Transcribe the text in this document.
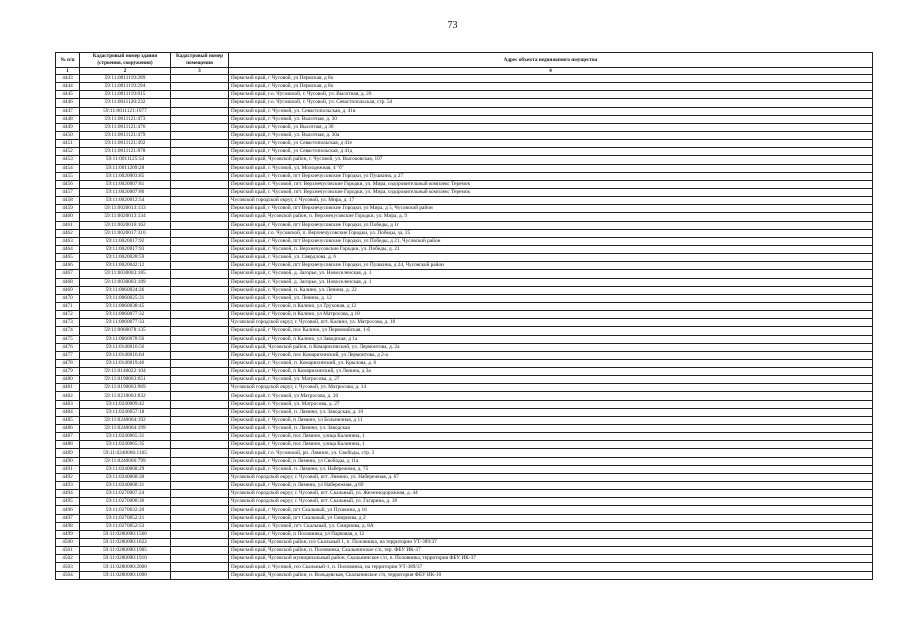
73
№ п/п	Кадастровый номер здания (строения, сооружения)	Кадастровый номер помещения	Адрес объекта недвижимого имущества
1	2	3	4
4443	59:11:0011119:289		Пермский край, г Чусовой, ул Пермская, д 8а
4444	59:11:0011119:294		Пермский край, г Чусовой, ул Пермская, д 8а
4445	59:11:0011119:815		Пермский край, г.о. Чусовской, г. Чусовой, ул. Высотная, д. 26
4446	59:11:0011120:232		Пермский край, г.о. Чусовской, г. Чусовой, ул. Севастопольская, стр. 54
4447	59:11:0011121:1077		Пермский край, г. Чусовой, ул. Севастопольская, д. 41в
4448	59:11:0011121:473		Пермский край, г. Чусовой, ул. Высотная, д. 30
4449	59:11:0011121:476		Пермский край, г Чусовой, ул Высотная, д 30
4450	59:11:0011121:479		Пермский край, г. Чусовой, ул. Высотная, д. 30а
4451	59:11:0011121:492		Пермский край, г Чусовой, ул Севастопольская, д 41е
4452	59:11:0011121:878		Пермский край, г Чусовой, ул Севастопольская, д 41д
4453	59:11:0011125:54		Пермский край, Чусовской район, г. Чусовой, ул. Высоковская, 107
4454	59:11:0011209:28		Пермский край, г. Чусовой, ул. Молодежная, 4 "б"
4455	59:11:0020003:85		Пермский край, г Чусовой, пгт Верхнечусовские Городки, ул Пушкина, д 27
4456	59:11:0020007:81		Пермский край, г. Чусовой, пгт. Верхнечусовские Городки, ул. Мира, оздоровительный комплекс Теремок
4457	59:11:0020007:86		Пермский край, г. Чусовой, пгт. Верхнечусовские Городки, ул. Мира, оздоровительный комплекс Теремок
4458	59:11:0020012:54		Чусовской городской округ, г. Чусовой, ул. Мира, д. 17
4459	59:11:0020013:133		Пермский край, г Чусовой, пгт Верхнечусовские Городки, ул Мира, д 5, Чусовской район
4460	59:11:0020013:134		Пермский край, Чусовской район, п. Верхнечусовские Городки, ул. Мира, д. 9
4461	59:11:0020016:162		Пермский край, г Чусовой, пгт Верхнечусовские Городки, ул Победы, д 1г
4462	59:11:0020017:310		Пермский край, г.о. Чусовской, п. Верхнечусовские Городки, ул. Победы, зд. 25
4463	59:11:0020017:92		Пермский край, г Чусовой, пгт Верхнечусовские Городки, ул Победы, д 21, Чусовской район
4464	59:11:0020017:93		Пермский край, г. Чусовой, п. Верхнечусовские Городки, ул. Победы, д. 21
4465	59:11:0020028:59		Пермский край, г. Чусовой, ул. Свердлова, д. 6
4466	59:11:0020042:12		Пермский край, г Чусовой, пгт Верхнечусовские Городки, ул Пушкина, д 24, Чусовской район
4467	59:11:0030003:185		Пермский край, г. Чусовой, д. Загорье, ул. Новоселенская, д. 1
4468	59:11:0030003:189		Пермский край, г. Чусовой, д. Загорье, ул. Новоселенская, д. 1
4469	59:11:0060024:26		Пермский край, г. Чусовой, п. Калино, ул. Ленина, д. 22
4470	59:11:0060025:31		Пермский край, г. Чусовой, ул. Ленина, д. 12
4471	59:11:0060038:45		Пермский край, г Чусовой, п Калино, ул Трухоная, д 12
4472	59:11:0060077:32		Пермский край, г Чусовой, п Калино, ул Матросова, д 18
4473	59:11:0060077:33		Чусовской городской округ, г. Чусовой, пгт. Калино, ул. Матросова, д. 18
4474	59:11:0060078:135		Пермский край, г Чусовой, пос Калино, ул Первомайская, 1-б
4475	59:11:0060078:56		Пермский край, г Чусовой, п Калино, ул Заводская, д 1а
4476	59:11:0140016:56		Пермский край, Чусовской район, п Комарихинский, ул. Лермонтова, д. 2а
4477	59:11:0140016:64		Пермский край, г Чусовой, пос Комарихинский, ул Лермонтова, д 2-а
4478	59:11:0140019:46		Пермский край, г. Чусовой, п. Комарихинский, ул. Крылова, д. 6
4479	59:11:0140022:104		Пермский край, г Чусовой, п Комарихинский, ул Ленина, д 3а
4480	59:11:0190003:651		Пермский край, г. Чусовой, ул. Матросова, д. 27
4481	59:11:0190003:969		Чусовской городской округ, г. Чусовой, ул. Матросова, д. 14
4482	59:11:0210003:832		Пермский край, г. Чусовой, ул Матросова, д. 20
4483	59:11:0240009:42		Пермский край, г. Чусовой, ул. Матросова, д. 27
4484	59:11:0240057:18		Пермский край, г. Чусовой, п. Лямино, ул. Заводская, д. 10
4485	59:11:0240064:192		Пермский край, г Чусовой, п Лямино, ул Больничная, д 11
4486	59:11:0240064:199		Пермский край, г. Чусовой, п. Лямино, ул. Заводская
4487	59:11:0240065:31		Пермский край, г Чусовой, пос Лямино, улица Калинина, 1
4488	59:11:0240065:35		Пермский край, г Чусовой, пос Лямино, улица Калинина, 1
4489	59:11:0240066:1165		Пермский край, г.о. Чусовской, рп. Лямино, ул. Свободы, стр. 3
4490	59:11:0240066:799		Пермский край, г Чусовой, п Лямино, ул Свободы, д 11а
4491	59:11:0240068:29		Пермский край, г. Чусовой, п. Лямино, ул. Набережная, д. 75
4492	59:11:0240068:30		Чусовской городской округ, г. Чусовой, пгт. Лямино, ул. Набережная, д. 67
4493	59:11:0240068:31		Пермский край, г Чусовой, п Лямино, ул Набережная, д 69
4494	59:11:0270007:24		Чусовской городской округ, г. Чусовой, пгт. Скальный, ул. Железнодорожная, д. 44
4495	59:11:0270008:36		Чусовской городской округ, г. Чусовой, пгт. Скальный, ул. Гагарина, д. 18
4496	59:11:0270032:20		Пермский край, г Чусовой, пгт Скальный, ул Пушкина, д 16
4497	59:11:0270052:21		Пермский край, г Чусовой, пгт Скальный, ул Смирнова, д 2
4498	59:11:0270052:53		Пермский край, г. Чусовой, пгт. Скальный, ул. Смирнова, д. 8А
4499	59:11:0280000:1566		Пермский край, г Чусовой, п Половинка, ул Парковая, д 12
4500	59:11:0280000:1822		Пермский край, Чусовской район, п/о Скальный 1, п. Половинка, на территории УТ-389/37
4501	59:11:0280000:1905		Пермский край, Чусовской район, п. Половинка, Скальнинское с/п, тер. ФБУ ИК-37
4502	59:11:0280000:1910		Пермский край, Чусовской муниципальный район, Скальнинское с/п, п. Половинка, территория ФБУ ИК-37
4503	59:11:0280000:2000		Пермский край, г. Чусовой, п/о Скальный-1, п. Половинка, на территории УТ-389/37
4504	59:11:0280000:1000		Пермский край, Чусовской район, п. Вольдевская, Скальнинское с/п, территория ФБУ ИК-10
